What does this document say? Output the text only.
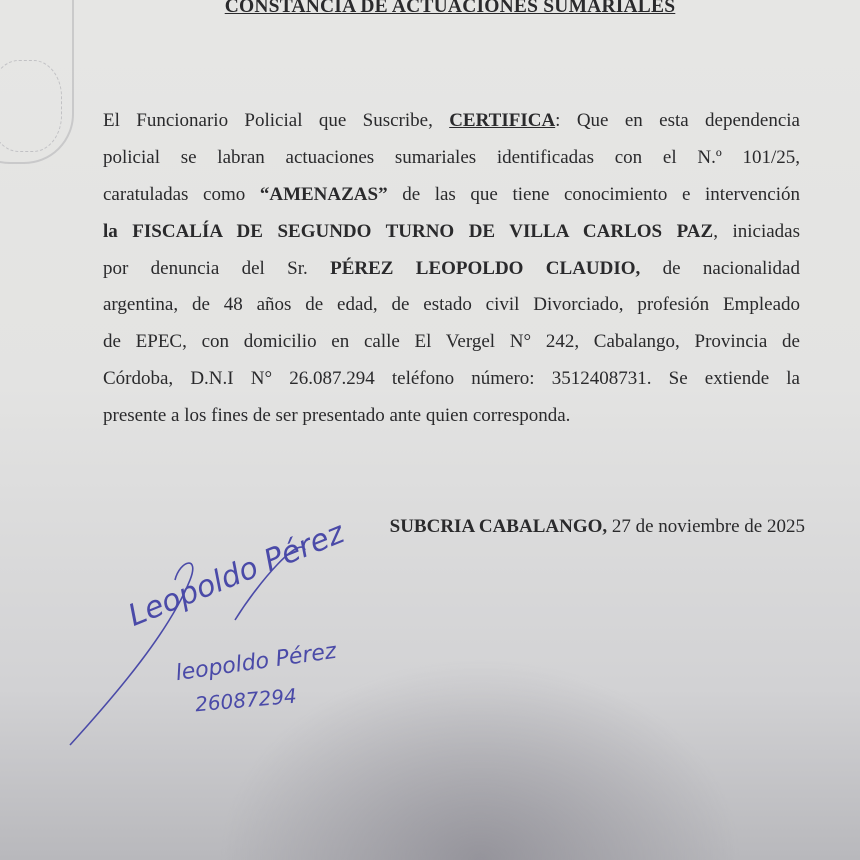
CONSTANCIA DE ACTUACIONES SUMARIALES
El Funcionario Policial que Suscribe, CERTIFICA: Que en esta dependencia
policial se labran actuaciones sumariales identificadas con el N.º 101/25,
caratuladas como “AMENAZAS” de las que tiene conocimiento e intervención
la FISCALÍA DE SEGUNDO TURNO DE VILLA CARLOS PAZ, iniciadas
por denuncia del Sr. PÉREZ LEOPOLDO CLAUDIO, de nacionalidad
argentina, de 48 años de edad, de estado civil Divorciado, profesión Empleado
de EPEC, con domicilio en calle El Vergel N° 242, Cabalango, Provincia de
Córdoba, D.N.I N° 26.087.294 teléfono número: 3512408731. Se extiende la
presente a los fines de ser presentado ante quien corresponda.
SUBCRIA CABALANGO, 27 de noviembre de 2025
Leopoldo Pérez
leopoldo Pérez
26087294
